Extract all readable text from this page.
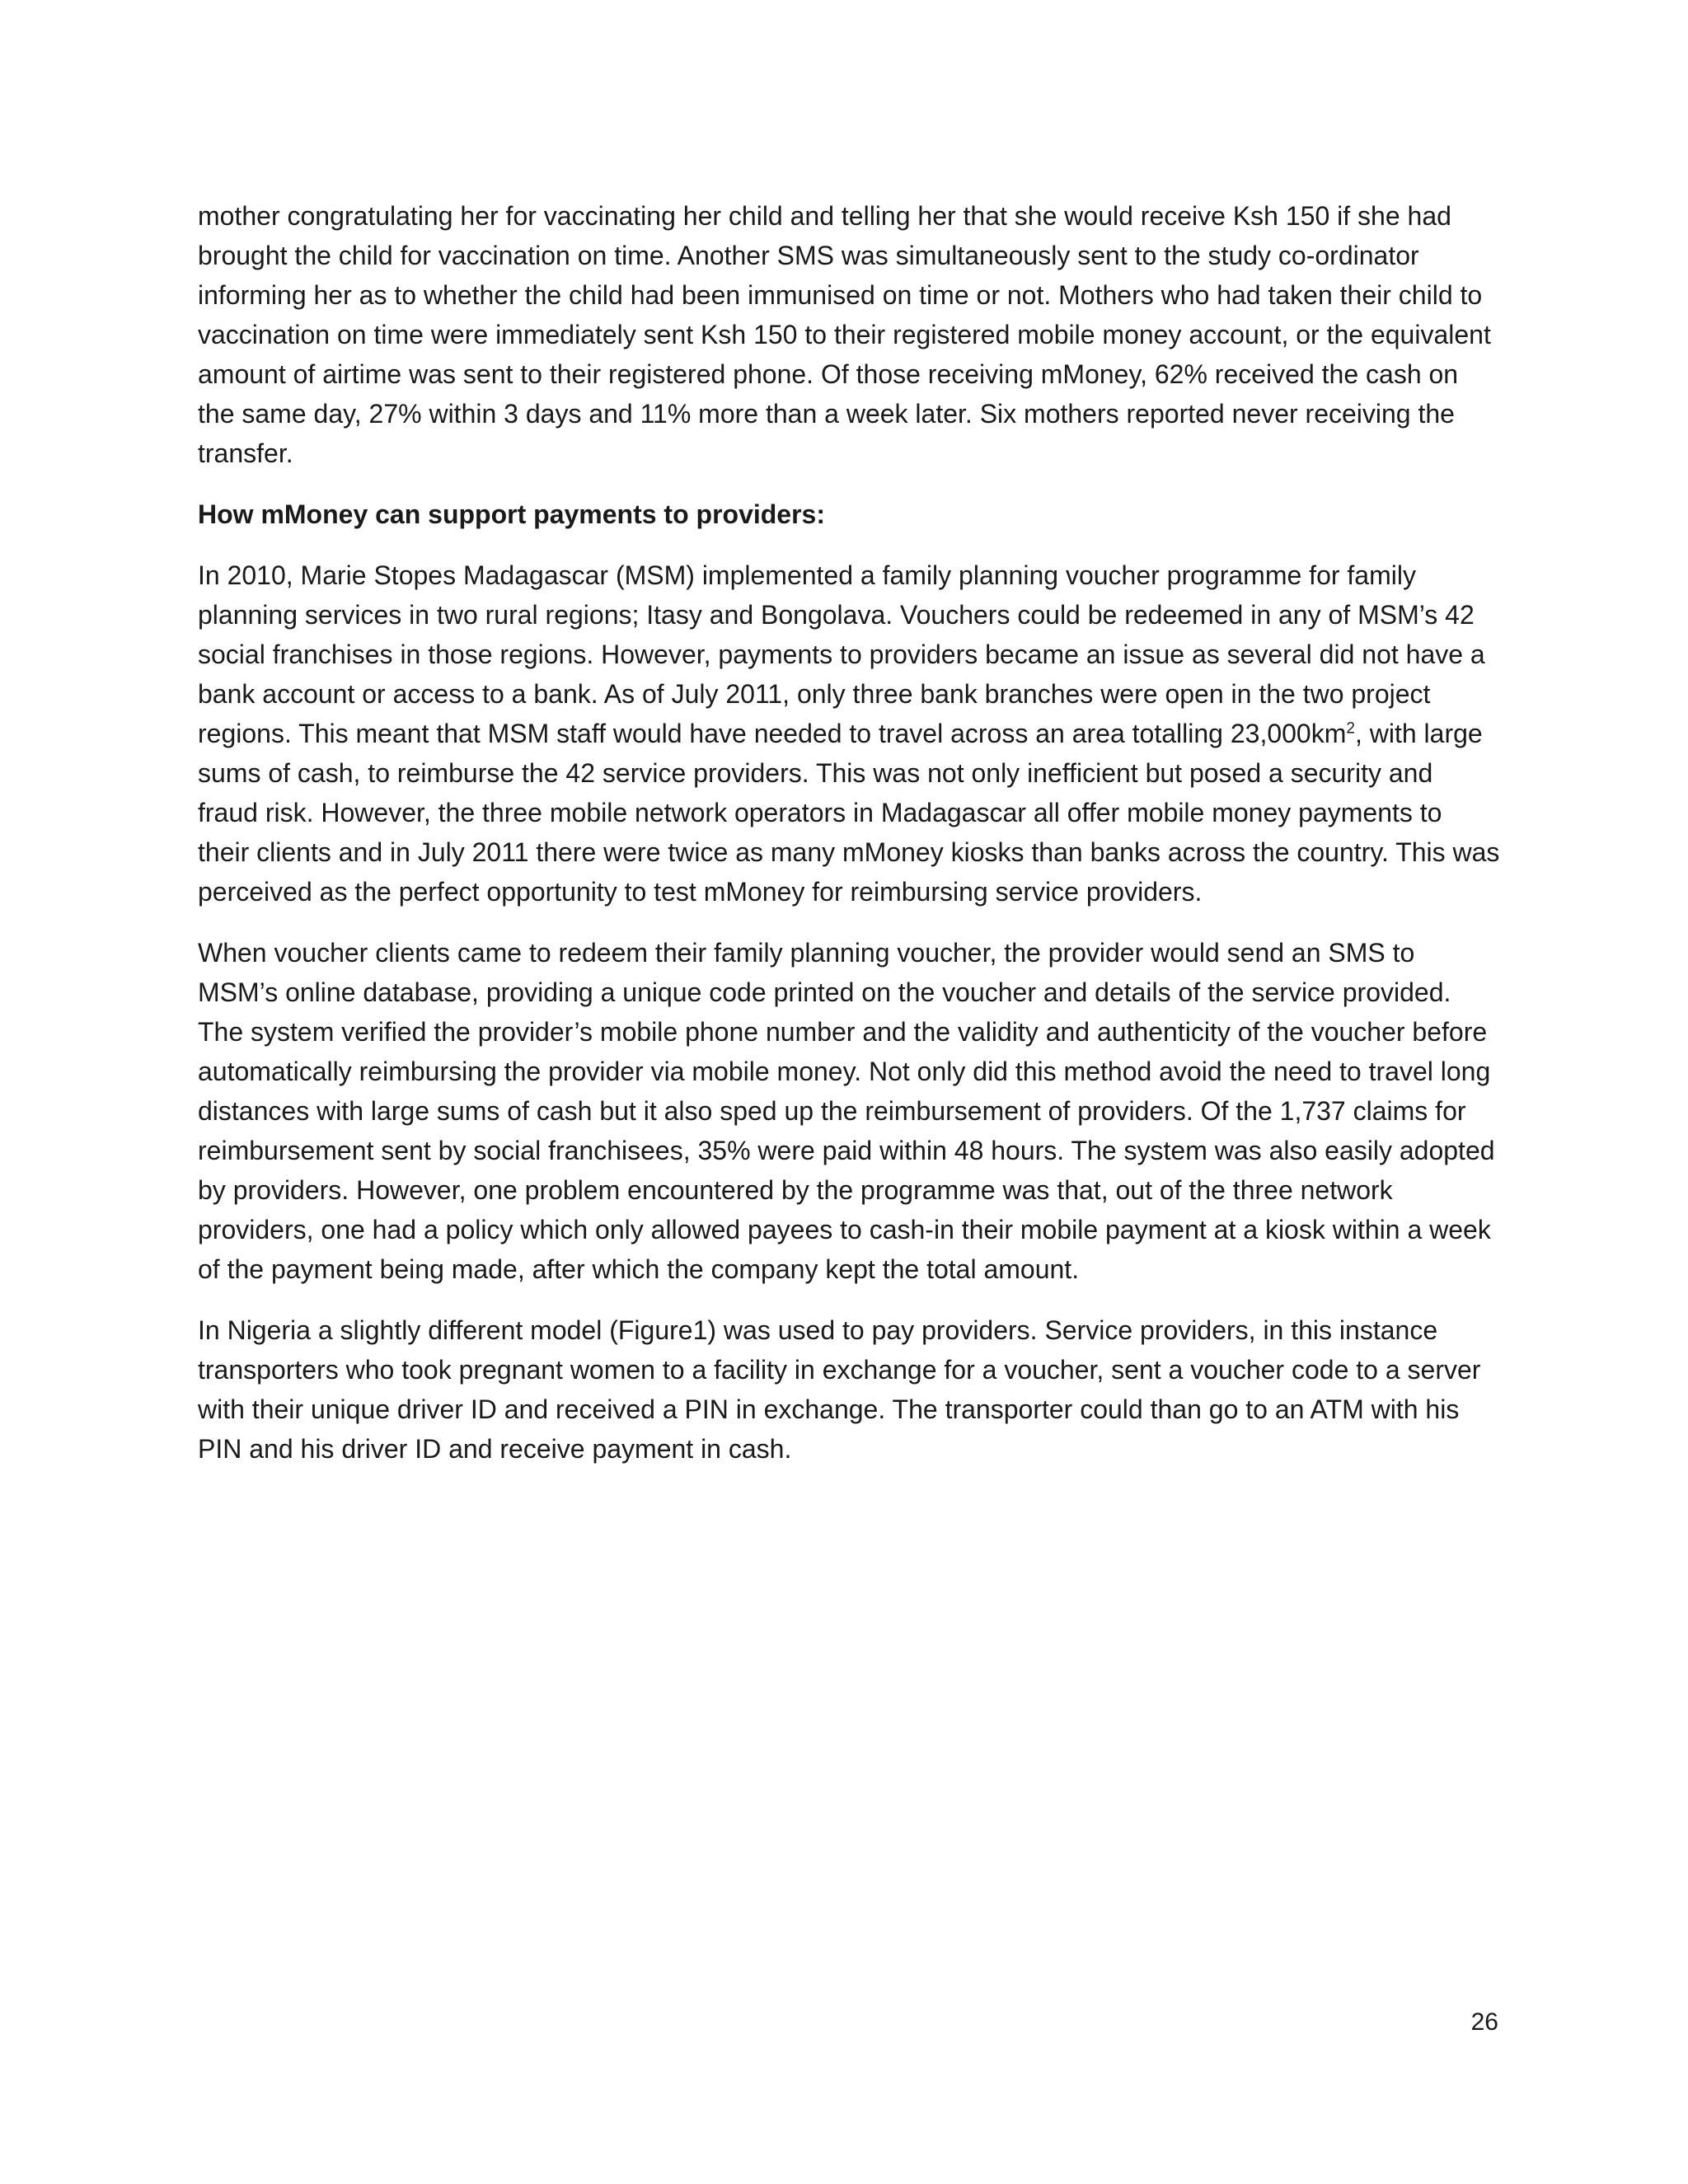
mother congratulating her for vaccinating her child and telling her that she would receive Ksh 150 if she had brought the child for vaccination on time. Another SMS was simultaneously sent to the study co-ordinator informing her as to whether the child had been immunised on time or not. Mothers who had taken their child to vaccination on time were immediately sent Ksh 150 to their registered mobile money account, or the equivalent amount of airtime was sent to their registered phone. Of those receiving mMoney, 62% received the cash on the same day, 27% within 3 days and 11% more than a week later. Six mothers reported never receiving the transfer.

How mMoney can support payments to providers:

In 2010, Marie Stopes Madagascar (MSM) implemented a family planning voucher programme for family planning services in two rural regions; Itasy and Bongolava. Vouchers could be redeemed in any of MSM’s 42 social franchises in those regions. However, payments to providers became an issue as several did not have a bank account or access to a bank. As of July 2011, only three bank branches were open in the two project regions. This meant that MSM staff would have needed to travel across an area totalling $23,000km^2$, with large sums of cash, to reimburse the 42 service providers. This was not only inefficient but posed a security and fraud risk. However, the three mobile network operators in Madagascar all offer mobile money payments to their clients and in July 2011 there were twice as many mMoney kiosks than banks across the country. This was perceived as the perfect opportunity to test mMoney for reimbursing service providers.

When voucher clients came to redeem their family planning voucher, the provider would send an SMS to MSM’s online database, providing a unique code printed on the voucher and details of the service provided. The system verified the provider’s mobile phone number and the validity and authenticity of the voucher before automatically reimbursing the provider via mobile money. Not only did this method avoid the need to travel long distances with large sums of cash but it also sped up the reimbursement of providers. Of the 1,737 claims for reimbursement sent by social franchisees, 35% were paid within 48 hours. The system was also easily adopted by providers. However, one problem encountered by the programme was that, out of the three network providers, one had a policy which only allowed payees to cash-in their mobile payment at a kiosk within a week of the payment being made, after which the company kept the total amount.

In Nigeria a slightly different model (Figure1) was used to pay providers. Service providers, in this instance transporters who took pregnant women to a facility in exchange for a voucher, sent a voucher code to a server with their unique driver ID and received a PIN in exchange. The transporter could than go to an ATM with his PIN and his driver ID and receive payment in cash.

26
